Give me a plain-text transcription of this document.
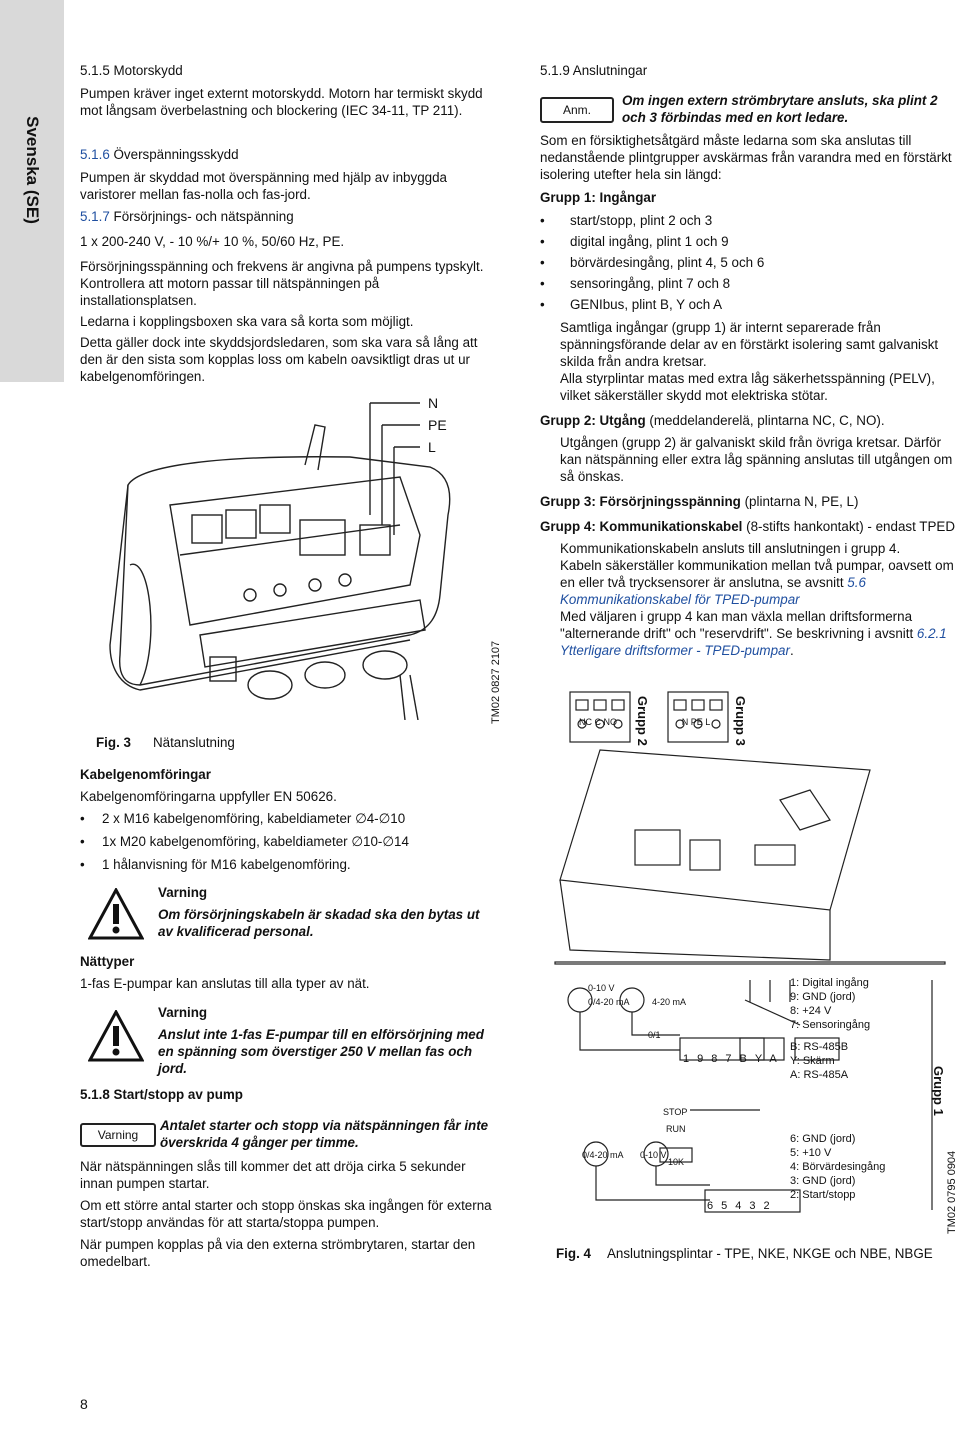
Svenska (SE)

5.1.5 Motorskydd

Pumpen kräver inget externt motorskydd. Motorn har termiskt skydd mot långsam överbelastning och blockering (IEC 34-11, TP 211).

5.1.6 Överspänningsskydd

Pumpen är skyddad mot överspänning med hjälp av inbyggda varistorer mellan fas-nolla och fas-jord.

5.1.7 Försörjnings- och nätspänning

1 x 200-240 V, - 10 %/+ 10 %, 50/60 Hz, PE.

Försörjningsspänning och frekvens är angivna på pumpens typskylt. Kontrollera att motorn passar till nätspänningen på installationsplatsen.

Ledarna i kopplingsboxen ska vara så korta som möjligt.

Detta gäller dock inte skyddsjordsledaren, som ska vara så lång att den är den sista som kopplas loss om kabeln oavsiktligt dras ut ur kabelgenomföringen.

N
PE
L
TM02 0827 2107
Fig. 3 Nätanslutning

Kabelgenomföringar

Kabelgenomföringarna uppfyller EN 50626.

• 2 x M16 kabelgenomföring, kabeldiameter ∅4-∅10

• 1x M20 kabelgenomföring, kabeldiameter ∅10-∅14

• 1 hålanvisning för M16 kabelgenomföring.

Varning

Om försörjningskabeln är skadad ska den bytas ut av kvalificerad personal.

Nättyper

1-fas E-pumpar kan anslutas till alla typer av nät.

Varning

Anslut inte 1-fas E-pumpar till en elförsörjning med en spänning som överstiger 250 V mellan fas och jord.

5.1.8 Start/stopp av pump

Varning

Antalet starter och stopp via nätspänningen får inte överskrida 4 gånger per timme.

När nätspänningen slås till kommer det att dröja cirka 5 sekunder innan pumpen startar.

Om ett större antal starter och stopp önskas ska ingången för externa start/stopp användas för att starta/stoppa pumpen.

När pumpen kopplas på via den externa strömbrytaren, startar den omedelbart.

8

5.1.9 Anslutningar

Anm.

Om ingen extern strömbrytare ansluts, ska plint 2 och 3 förbindas med en kort ledare.

Som en försiktighetsåtgärd måste ledarna som ska anslutas till nedanstående plintgrupper avskärmas från varandra med en förstärkt isolering utefter hela sin längd:

Grupp 1: Ingångar

• start/stopp, plint 2 och 3

• digital ingång, plint 1 och 9

• börvärdesingång, plint 4, 5 och 6

• sensoringång, plint 7 och 8

• GENIbus, plint B, Y och A

Samtliga ingångar (grupp 1) är internt separerade från spänningsförande delar av en förstärkt isolering samt galvaniskt skilda från andra kretsar.

Alla styrplintar matas med extra låg säkerhetsspänning (PELV), vilket säkerställer skydd mot elektriska stötar.

Grupp 2: Utgång (meddelanderelä, plintarna NC, C, NO).

Utgången (grupp 2) är galvaniskt skild från övriga kretsar. Därför kan nätspänning eller extra låg spänning anslutas till utgången om så önskas.

Grupp 3: Försörjningsspänning (plintarna N, PE, L)

Grupp 4: Kommunikationskabel (8-stifts hankontakt) - endast TPED

Kommunikationskabeln ansluts till anslutningen i grupp 4.

Kabeln säkerställer kommunikation mellan två pumpar, oavsett om en eller två trycksensorer är anslutna, se avsnitt 5.6 Kommunikationskabel för TPED-pumpar

Med väljaren i grupp 4 kan man växla mellan driftsformerna "alternerande drift" och "reservdrift". Se beskrivning i avsnitt 6.2.1 Ytterligare driftsformer - TPED-pumpar.

NC C NO	N PE L
Grupp 2	Grupp 3
0-10 V
0/4-20 mA 4-20 mA
0/1
STOP
RUN
0/4-20 mA 0-10 V
10K
1987BYA
65432
1: Digital ingång
9: GND (jord)
8: +24 V
7: Sensoringång
B: RS-485B
Y: Skärm
A: RS-485A
6: GND (jord)
5: +10 V
4: Börvärdesingång
3: GND (jord)
2: Start/stopp
Grupp 1
TM02 0795 0904
Fig. 4 Anslutningsplintar - TPE, NKE, NKGE och NBE, NBGE
